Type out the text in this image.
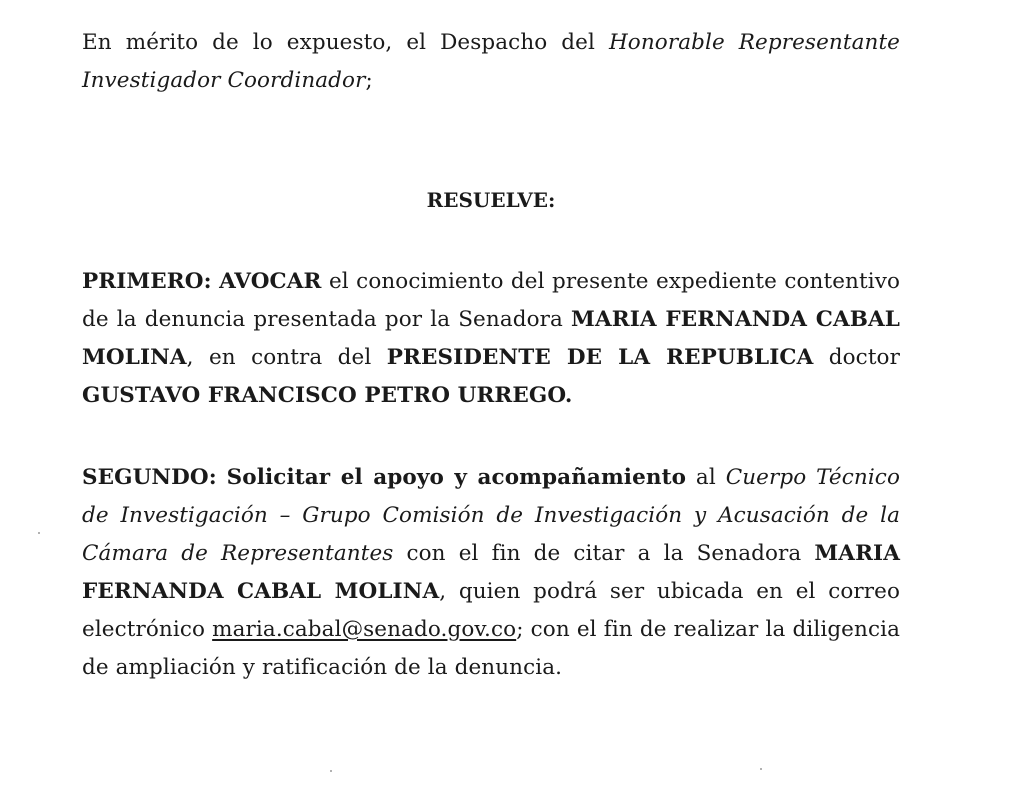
En mérito de lo expuesto, el Despacho del Honorable Representante Investigador Coordinador;

RESUELVE:

PRIMERO: AVOCAR el conocimiento del presente expediente contentivo de la denuncia presentada por la Senadora MARIA FERNANDA CABAL MOLINA, en contra del PRESIDENTE DE LA REPUBLICA doctor GUSTAVO FRANCISCO PETRO URREGO.

SEGUNDO: Solicitar el apoyo y acompañamiento al Cuerpo Técnico de Investigación – Grupo Comisión de Investigación y Acusación de la Cámara de Representantes con el fin de citar a la Senadora MARIA FERNANDA CABAL MOLINA, quien podrá ser ubicada en el correo electrónico maria.cabal@senado.gov.co; con el fin de realizar la diligencia de ampliación y ratificación de la denuncia.
